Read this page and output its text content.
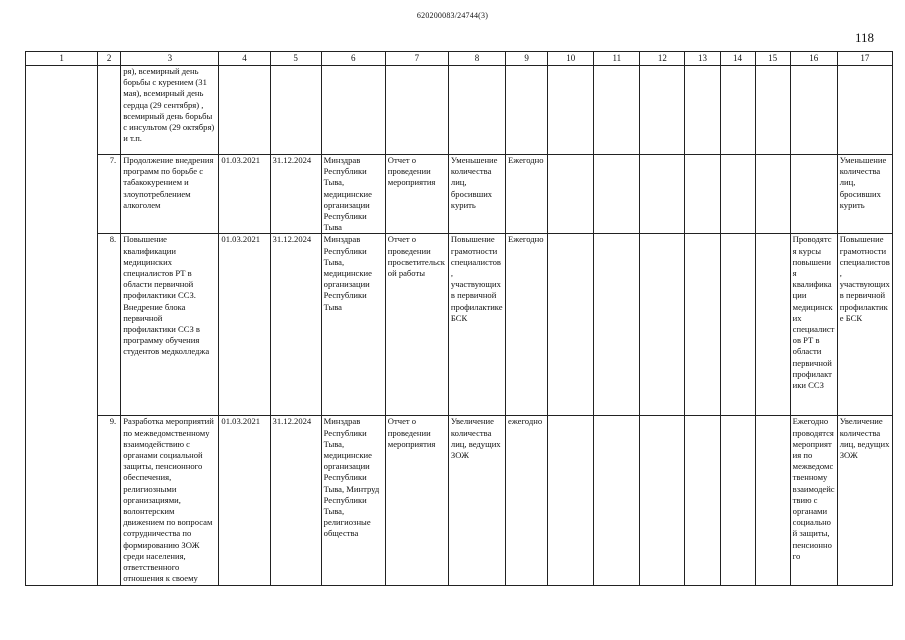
620200083/24744(3)
118
1	2	3	4	5	6	7	8	9	10	11	12	13	14	15	16	17
		ря), всемирный день борьбы с курением (31 мая), всемирный день сердца (29 сентября) , всемирный день борьбы с инсультом (29 октября) и т.п.														
	7.	Продолжение внедрения программ по борьбе с табакокурением и злоупотреблением алкоголем	01.03.2021	31.12.2024	Минздрав Республики Тыва, медицинские организации Республики Тыва	Отчет о проведении мероприятия	Уменьшение количества лиц, бросивших курить	Ежегодно								Уменьшение количества лиц, бросивших курить
	8.	Повышение квалификации медицинских специалистов РТ в области первичной профилактики ССЗ. Внедрение блока первичной профилактики ССЗ в программу обучения студентов медколледжа	01.03.2021	31.12.2024	Минздрав Республики Тыва, медицинские организации Республики Тыва	Отчет о проведении просветительской работы	Повышение грамотности специалистов, участвующих в первичной профилактике БСК	Ежегодно							Проводятся курсы повышения квалификации медицинских специалистов РТ в области первичной профилактики ССЗ	Повышение грамотности специалистов, участвующих в первичной профилактике БСК
	9.	Разработка мероприятий по межведомственному взаимодействию с органами социальной защиты, пенсионного обеспечения, религиозными организациями, волонтерским движением по вопросам сотрудничества по формированию ЗОЖ среди населения, ответственного отношения к своему	01.03.2021	31.12.2024	Минздрав Республики Тыва, медицинские организации Республики Тыва, Минтруд Республики Тыва, религиозные общества	Отчет о проведении мероприятия	Увеличение количества лиц, ведущих ЗОЖ	ежегодно							Ежегодно проводятся мероприятия по межведомственному взаимодействию с органами социальной защиты, пенсионного	Увеличение количества лиц, ведущих ЗОЖ
